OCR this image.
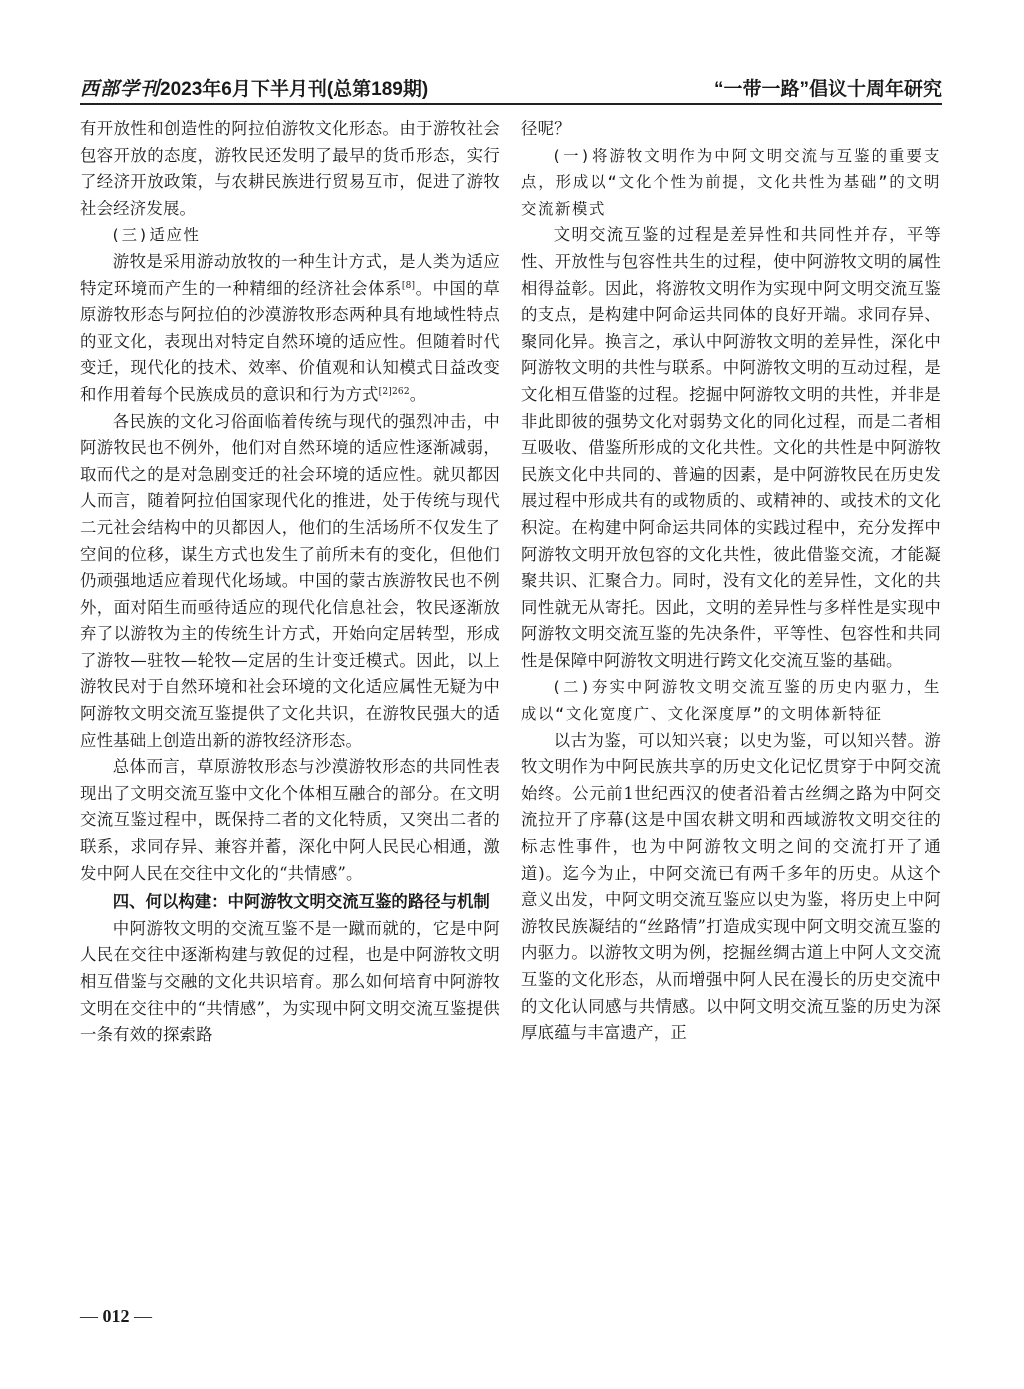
西部学刊2023年6月下半月刊(总第189期)	“一带一路”倡议十周年研究

有开放性和创造性的阿拉伯游牧文化形态。由于游牧社会包容开放的态度，游牧民还发明了最早的货币形态，实行了经济开放政策，与农耕民族进行贸易互市，促进了游牧社会经济发展。

(三)适应性

游牧是采用游动放牧的一种生计方式，是人类为适应特定环境而产生的一种精细的经济社会体系[8]。中国的草原游牧形态与阿拉伯的沙漠游牧形态两种具有地域性特点的亚文化，表现出对特定自然环境的适应性。但随着时代变迁，现代化的技术、效率、价值观和认知模式日益改变和作用着每个民族成员的意识和行为方式$^{[2]262}$。

各民族的文化习俗面临着传统与现代的强烈冲击，中阿游牧民也不例外，他们对自然环境的适应性逐渐减弱，取而代之的是对急剧变迁的社会环境的适应性。就贝都因人而言，随着阿拉伯国家现代化的推进，处于传统与现代二元社会结构中的贝都因人，他们的生活场所不仅发生了空间的位移，谋生方式也发生了前所未有的变化，但他们仍顽强地适应着现代化场域。中国的蒙古族游牧民也不例外，面对陌生而亟待适应的现代化信息社会，牧民逐渐放弃了以游牧为主的传统生计方式，开始向定居转型，形成了游牧—驻牧—轮牧—定居的生计变迁模式。因此，以上游牧民对于自然环境和社会环境的文化适应属性无疑为中阿游牧文明交流互鉴提供了文化共识，在游牧民强大的适应性基础上创造出新的游牧经济形态。

总体而言，草原游牧形态与沙漠游牧形态的共同性表现出了文明交流互鉴中文化个体相互融合的部分。在文明交流互鉴过程中，既保持二者的文化特质，又突出二者的联系，求同存异、兼容并蓄，深化中阿人民民心相通，激发中阿人民在交往中文化的“共情感”。

四、何以构建：中阿游牧文明交流互鉴的路径与机制

中阿游牧文明的交流互鉴不是一蹴而就的，它是中阿人民在交往中逐渐构建与敦促的过程，也是中阿游牧文明相互借鉴与交融的文化共识培育。那么如何培育中阿游牧文明在交往中的“共情感”，为实现中阿文明交流互鉴提供一条有效的探索路

径呢？

(一)将游牧文明作为中阿文明交流与互鉴的重要支点，形成以“文化个性为前提，文化共性为基础”的文明交流新模式

文明交流互鉴的过程是差异性和共同性并存，平等性、开放性与包容性共生的过程，使中阿游牧文明的属性相得益彰。因此，将游牧文明作为实现中阿文明交流互鉴的支点，是构建中阿命运共同体的良好开端。求同存异、聚同化异。换言之，承认中阿游牧文明的差异性，深化中阿游牧文明的共性与联系。中阿游牧文明的互动过程，是文化相互借鉴的过程。挖掘中阿游牧文明的共性，并非是非此即彼的强势文化对弱势文化的同化过程，而是二者相互吸收、借鉴所形成的文化共性。文化的共性是中阿游牧民族文化中共同的、普遍的因素，是中阿游牧民在历史发展过程中形成共有的或物质的、或精神的、或技术的文化积淀。在构建中阿命运共同体的实践过程中，充分发挥中阿游牧文明开放包容的文化共性，彼此借鉴交流，才能凝聚共识、汇聚合力。同时，没有文化的差异性，文化的共同性就无从寄托。因此，文明的差异性与多样性是实现中阿游牧文明交流互鉴的先决条件，平等性、包容性和共同性是保障中阿游牧文明进行跨文化交流互鉴的基础。

(二)夯实中阿游牧文明交流互鉴的历史内驱力，生成以“文化宽度广、文化深度厚”的文明体新特征

以古为鉴，可以知兴衰；以史为鉴，可以知兴替。游牧文明作为中阿民族共享的历史文化记忆贯穿于中阿交流始终。公元前1世纪西汉的使者沿着古丝绸之路为中阿交流拉开了序幕(这是中国农耕文明和西域游牧文明交往的标志性事件，也为中阿游牧文明之间的交流打开了通道)。迄今为止，中阿交流已有两千多年的历史。从这个意义出发，中阿文明交流互鉴应以史为鉴，将历史上中阿游牧民族凝结的“丝路情”打造成实现中阿文明交流互鉴的内驱力。以游牧文明为例，挖掘丝绸古道上中阿人文交流互鉴的文化形态，从而增强中阿人民在漫长的历史交流中的文化认同感与共情感。以中阿文明交流互鉴的历史为深厚底蕴与丰富遗产，正

— 012 —
